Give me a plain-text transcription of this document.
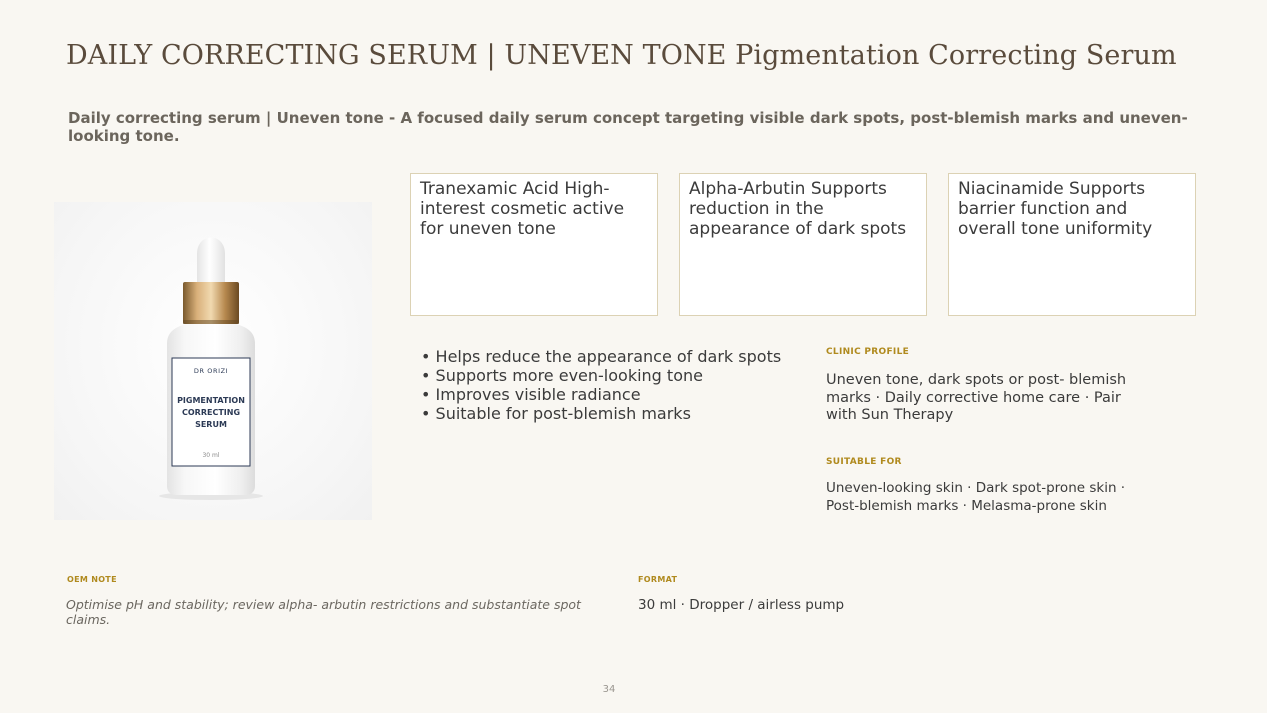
DAILY CORRECTING SERUM | UNEVEN TONE Pigmentation Correcting Serum
Daily correcting serum | Uneven tone - A focused daily serum concept targeting visible dark spots, post-blemish marks and uneven-looking tone.
DR ORIZI
PIGMENTATION
CORRECTING
SERUM
30 ml
Tranexamic Acid High-interest cosmetic active for uneven tone
Alpha-Arbutin Supports reduction in the appearance of dark spots
Niacinamide Supports barrier function and overall tone uniformity
• Helps reduce the appearance of dark spots
• Supports more even-looking tone
• Improves visible radiance
• Suitable for post-blemish marks
CLINIC PROFILE
Uneven tone, dark spots or post- blemish marks · Daily corrective home care · Pair with Sun Therapy
SUITABLE FOR
Uneven-looking skin · Dark spot-prone skin · Post-blemish marks · Melasma-prone skin
OEM NOTE
Optimise pH and stability; review alpha- arbutin restrictions and substantiate spot claims.
FORMAT
30 ml · Dropper / airless pump
34
